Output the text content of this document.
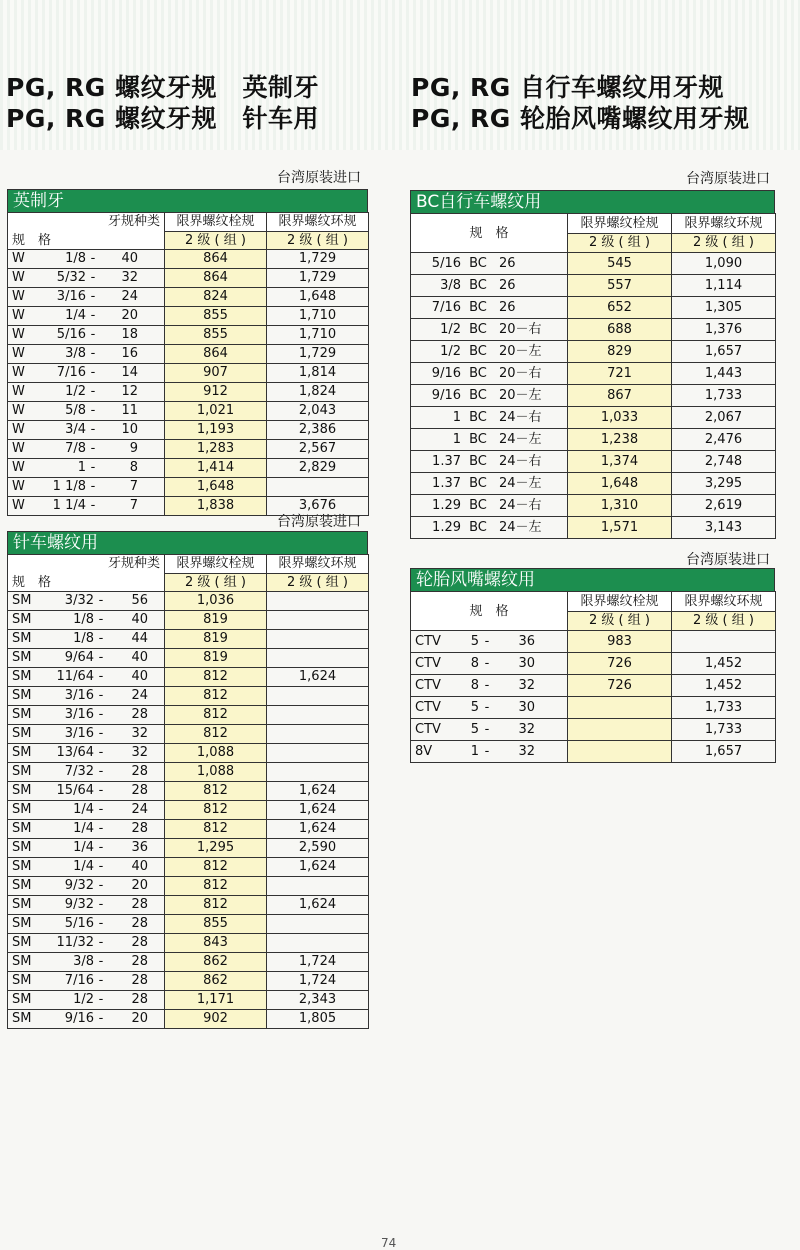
PG, RG 螺纹牙规　英制牙
PG, RG 螺纹牙规　针车用
PG, RG 自行车螺纹用牙规
PG, RG 轮胎风嘴螺纹用牙规
台湾原装进口
台湾原装进口
台湾原装进口
台湾原装进口
英制牙
牙规种类
规　格	限界螺纹栓规	限界螺纹环规
	2 级 ( 组 )	2 级 ( 组 )
W 1/8 - 40	864	1,729
W 5/32 - 32	864	1,729
W 3/16 - 24	824	1,648
W 1/4 - 20	855	1,710
W 5/16 - 18	855	1,710
W 3/8 - 16	864	1,729
W 7/16 - 14	907	1,814
W 1/2 - 12	912	1,824
W 5/8 - 11	1,021	2,043
W 3/4 - 10	1,193	2,386
W 7/8 - 9	1,283	2,567
W 1 - 8	1,414	2,829
W 1 1/8 - 7	1,648	
W 1 1/4 - 7	1,838	3,676
针车螺纹用
牙规种类
规　格	限界螺纹栓规	限界螺纹环规
	2 级 ( 组 )	2 级 ( 组 )
SM 3/32 - 56	1,036	
SM 1/8 - 40	819	
SM 1/8 - 44	819	
SM 9/64 - 40	819	
SM 11/64 - 40	812	1,624
SM 3/16 - 24	812	
SM 3/16 - 28	812	
SM 3/16 - 32	812	
SM 13/64 - 32	1,088	
SM 7/32 - 28	1,088	
SM 15/64 - 28	812	1,624
SM 1/4 - 24	812	1,624
SM 1/4 - 28	812	1,624
SM 1/4 - 36	1,295	2,590
SM 1/4 - 40	812	1,624
SM 9/32 - 20	812	
SM 9/32 - 28	812	1,624
SM 5/16 - 28	855	
SM 11/32 - 28	843	
SM 3/8 - 28	862	1,724
SM 7/16 - 28	862	1,724
SM 1/2 - 28	1,171	2,343
SM 9/16 - 20	902	1,805
BC自行车螺纹用
规　格	限界螺纹栓规	限界螺纹环规
	2 级 ( 组 )	2 级 ( 组 )
5/16 BC 26	545	1,090
3/8 BC 26	557	1,114
7/16 BC 26	652	1,305
1/2 BC 20－右	688	1,376
1/2 BC 20－左	829	1,657
9/16 BC 20－右	721	1,443
9/16 BC 20－左	867	1,733
1 BC 24－右	1,033	2,067
1 BC 24－左	1,238	2,476
1.37 BC 24－右	1,374	2,748
1.37 BC 24－左	1,648	3,295
1.29 BC 24－右	1,310	2,619
1.29 BC 24－左	1,571	3,143
轮胎风嘴螺纹用
规　格	限界螺纹栓规	限界螺纹环规
	2 级 ( 组 )	2 级 ( 组 )
CTV 5 - 36	983	
CTV 8 - 30	726	1,452
CTV 8 - 32	726	1,452
CTV 5 - 30		1,733
CTV 5 - 32		1,733
8V 1 - 32		1,657
74
